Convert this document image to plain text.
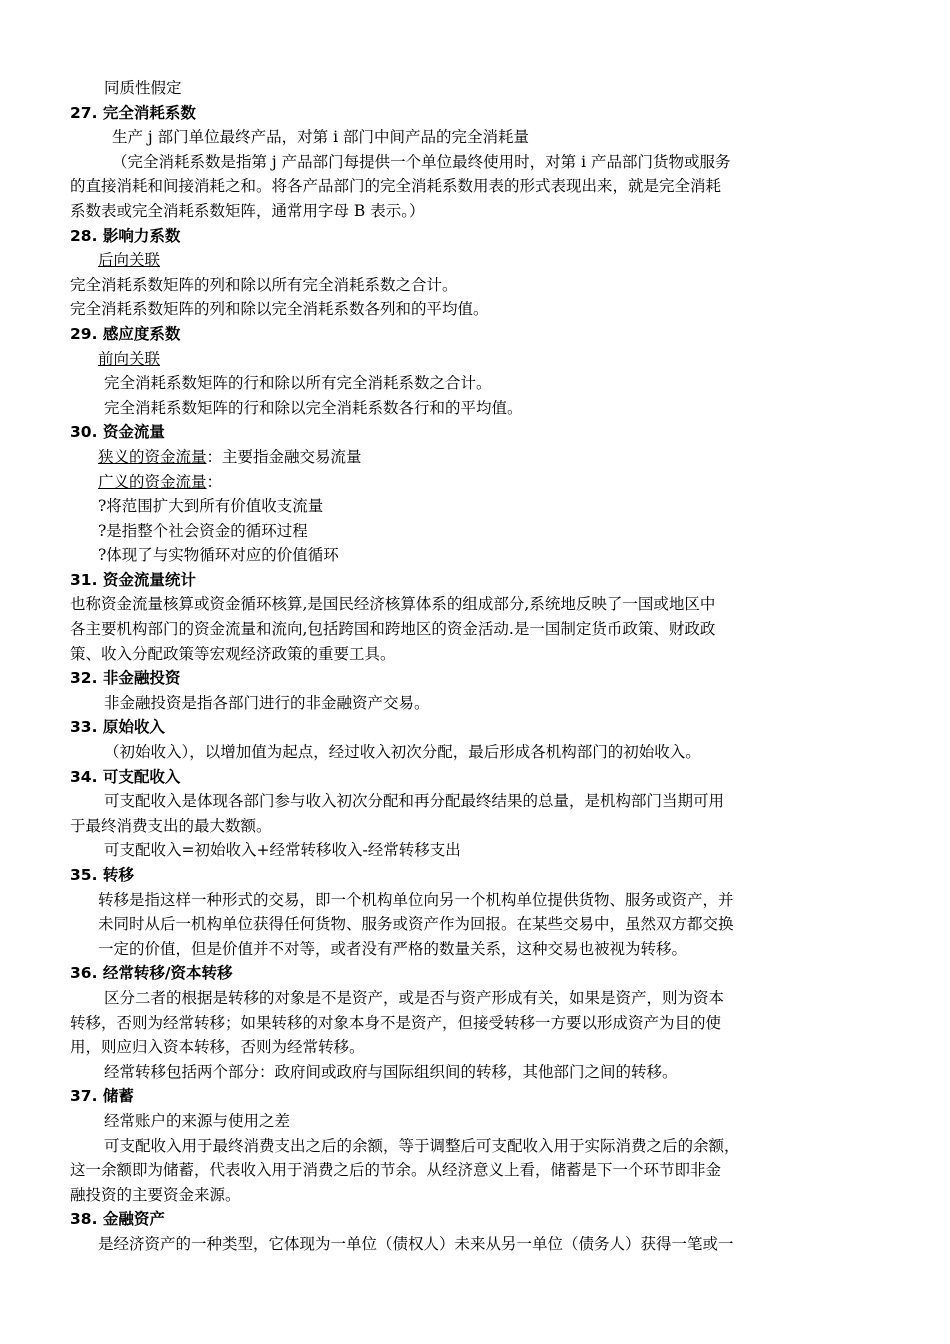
同质性假定
27. 完全消耗系数
生产 j 部门单位最终产品，对第 i 部门中间产品的完全消耗量
（完全消耗系数是指第 j 产品部门每提供一个单位最终使用时，对第 i 产品部门货物或服务
的直接消耗和间接消耗之和。将各产品部门的完全消耗系数用表的形式表现出来，就是完全消耗
系数表或完全消耗系数矩阵，通常用字母 B 表示。）
28. 影响力系数
后向关联
完全消耗系数矩阵的列和除以所有完全消耗系数之合计。
完全消耗系数矩阵的列和除以完全消耗系数各列和的平均值。
29. 感应度系数
前向关联
完全消耗系数矩阵的行和除以所有完全消耗系数之合计。
完全消耗系数矩阵的行和除以完全消耗系数各行和的平均值。
30. 资金流量
狭义的资金流量：主要指金融交易流量
广义的资金流量：
?将范围扩大到所有价值收支流量
?是指整个社会资金的循环过程
?体现了与实物循环对应的价值循环
31. 资金流量统计
也称资金流量核算或资金循环核算,是国民经济核算体系的组成部分,系统地反映了一国或地区中
各主要机构部门的资金流量和流向,包括跨国和跨地区的资金活动.是一国制定货币政策、财政政
策、收入分配政策等宏观经济政策的重要工具。
32. 非金融投资
非金融投资是指各部门进行的非金融资产交易。
33. 原始收入
（初始收入），以增加值为起点，经过收入初次分配，最后形成各机构部门的初始收入。
34. 可支配收入
可支配收入是体现各部门参与收入初次分配和再分配最终结果的总量，是机构部门当期可用
于最终消费支出的最大数额。
可支配收入=初始收入+经常转移收入-经常转移支出
35. 转移
转移是指这样一种形式的交易，即一个机构单位向另一个机构单位提供货物、服务或资产，并
未同时从后一机构单位获得任何货物、服务或资产作为回报。在某些交易中，虽然双方都交换
一定的价值，但是价值并不对等，或者没有严格的数量关系，这种交易也被视为转移。
36. 经常转移/资本转移
区分二者的根据是转移的对象是不是资产，或是否与资产形成有关，如果是资产，则为资本
转移，否则为经常转移；如果转移的对象本身不是资产，但接受转移一方要以形成资产为目的使
用，则应归入资本转移，否则为经常转移。
经常转移包括两个部分：政府间或政府与国际组织间的转移，其他部门之间的转移。
37. 储蓄
经常账户的来源与使用之差
可支配收入用于最终消费支出之后的余额，等于调整后可支配收入用于实际消费之后的余额，
这一余额即为储蓄，代表收入用于消费之后的节余。从经济意义上看，储蓄是下一个环节即非金
融投资的主要资金来源。
38. 金融资产
是经济资产的一种类型，它体现为一单位（债权人）未来从另一单位（债务人）获得一笔或一
